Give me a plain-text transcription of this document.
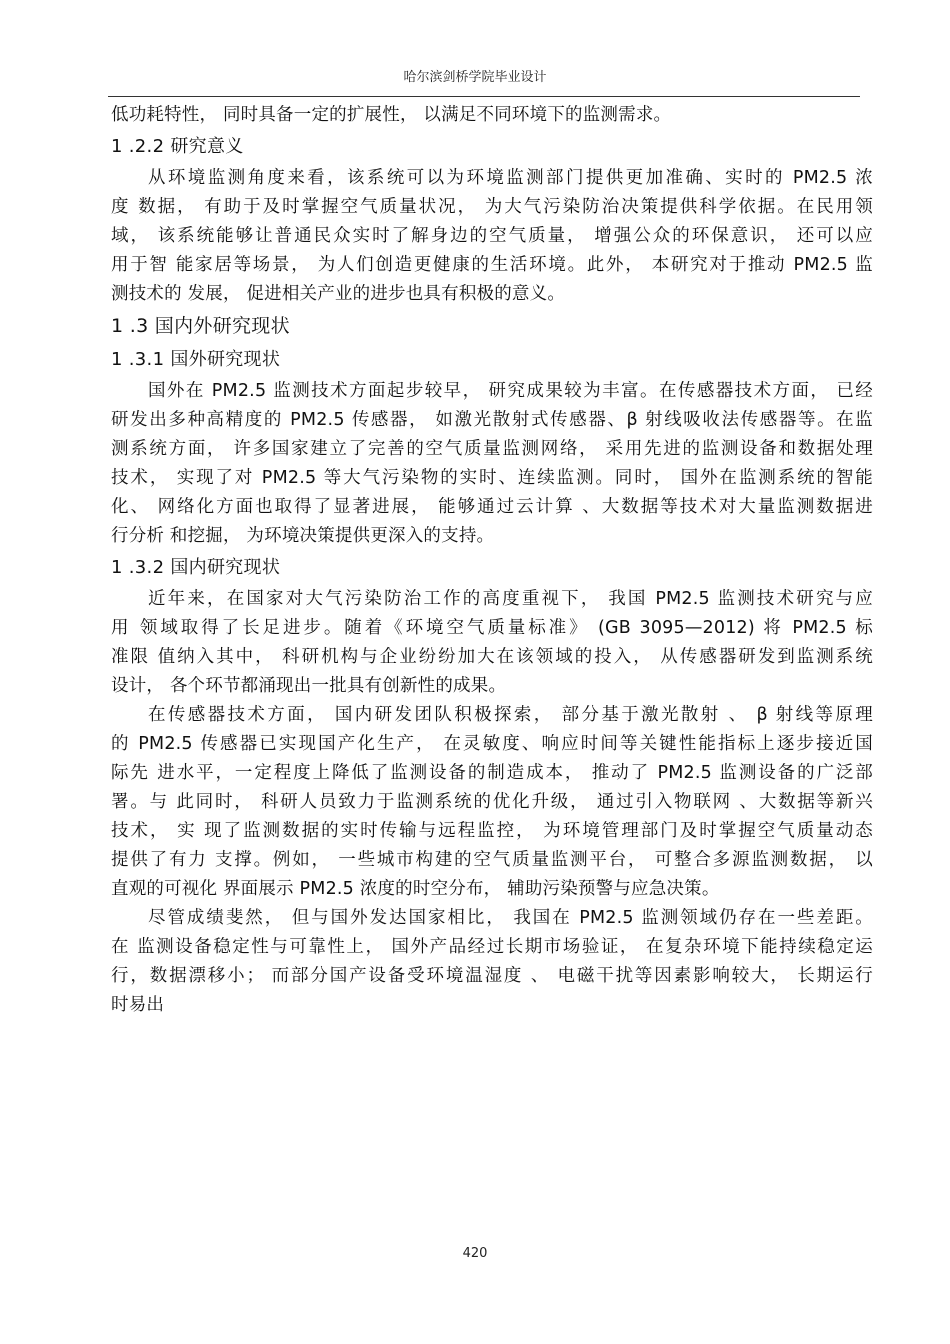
哈尔滨剑桥学院毕业设计
低功耗特性， 同时具备一定的扩展性， 以满足不同环境下的监测需求。
1 .2.2 研究意义
从环境监测角度来看，该系统可以为环境监测部门提供更加准确、实时的 PM2.5 浓
度 数据， 有助于及时掌握空气质量状况， 为大气污染防治决策提供科学依据。在民用领
域， 该系统能够让普通民众实时了解身边的空气质量， 增强公众的环保意识， 还可以应
用于智 能家居等场景， 为人们创造更健康的生活环境。此外， 本研究对于推动 PM2.5 监
测技术的 发展， 促进相关产业的进步也具有积极的意义。
1 .3 国内外研究现状
1 .3.1 国外研究现状
国外在 PM2.5 监测技术方面起步较早， 研究成果较为丰富。在传感器技术方面， 已经
研发出多种高精度的 PM2.5 传感器， 如激光散射式传感器、β 射线吸收法传感器等。在监
测系统方面， 许多国家建立了完善的空气质量监测网络， 采用先进的监测设备和数据处理
技术， 实现了对 PM2.5 等大气污染物的实时、连续监测。同时， 国外在监测系统的智能
化、 网络化方面也取得了显著进展， 能够通过云计算 、大数据等技术对大量监测数据进
行分析 和挖掘， 为环境决策提供更深入的支持。
1 .3.2 国内研究现状
近年来，在国家对大气污染防治工作的高度重视下， 我国 PM2.5 监测技术研究与应
用 领域取得了长足进步。随着《环境空气质量标准》 (GB 3095—2012) 将 PM2.5 标
准限 值纳入其中， 科研机构与企业纷纷加大在该领域的投入， 从传感器研发到监测系统
设计， 各个环节都涌现出一批具有创新性的成果。
在传感器技术方面， 国内研发团队积极探索， 部分基于激光散射 、 β 射线等原理
的 PM2.5 传感器已实现国产化生产， 在灵敏度、响应时间等关键性能指标上逐步接近国
际先 进水平，一定程度上降低了监测设备的制造成本， 推动了 PM2.5 监测设备的广泛部
署。与 此同时， 科研人员致力于监测系统的优化升级， 通过引入物联网 、大数据等新兴
技术， 实 现了监测数据的实时传输与远程监控， 为环境管理部门及时掌握空气质量动态
提供了有力 支撑。例如， 一些城市构建的空气质量监测平台， 可整合多源监测数据， 以
直观的可视化 界面展示 PM2.5 浓度的时空分布， 辅助污染预警与应急决策。
尽管成绩斐然， 但与国外发达国家相比， 我国在 PM2.5 监测领域仍存在一些差距。
在 监测设备稳定性与可靠性上， 国外产品经过长期市场验证， 在复杂环境下能持续稳定运
行，数据漂移小； 而部分国产设备受环境温湿度 、 电磁干扰等因素影响较大， 长期运行
时易出
420
